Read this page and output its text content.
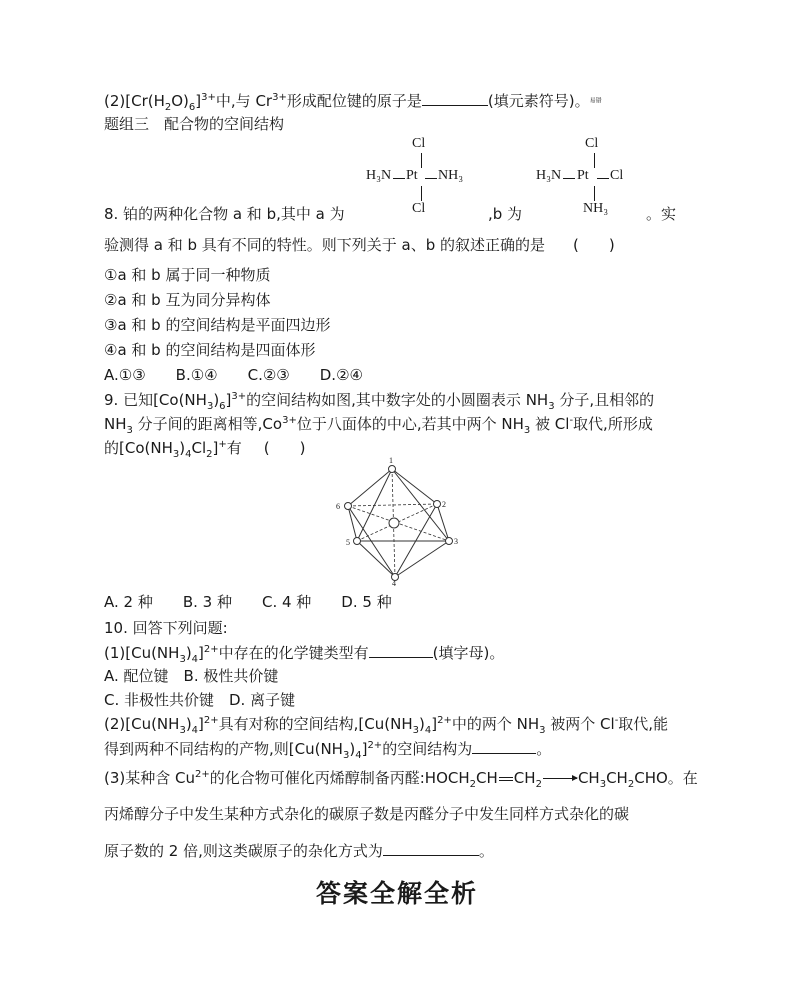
$(2)[Cr(H_2O)_6]^{3+}$中,与 $Cr^{3+}$形成配位键的原子是	(填元素符号)。易错
题组三　配合物的空间结构
Cl
H₃N Pt NH₃
Cl
Cl
H₃N Pt Cl
NH₃
8. 铂的两种化合物 a 和 b,其中 a 为	,b 为	。实
验测得 a 和 b 具有不同的特性。则下列关于 a、b 的叙述正确的是 (　　)
①a 和 b 属于同一种物质
②a 和 b 互为同分异构体
③a 和 b 的空间结构是平面四边形
④a 和 b 的空间结构是四面体形
A.①③　　B.①④　　C.②③　　D.②④
9. 已知$[Co(NH_3)_6]^{3+}$的空间结构如图,其中数字处的小圆圈表示 $NH_3$ 分子,且相邻的
$NH_3$ 分子间的距离相等$,Co^{3+}$位于八面体的中心,若其中两个 $NH_3$ 被 Cl-取代,所形成
的$[Co(NH_3)_4Cl_2]^+$有 (　　)
1
2
3
4
5
6
A. 2 种　　B. 3 种　　C. 4 种　　D. 5 种
10. 回答下列问题:
$(1)[Cu(NH_3)_4]^{2+}$中存在的化学键类型有	(填字母)。
A. 配位键　B. 极性共价键
C. 非极性共价键　D. 离子键
$(2)[Cu(NH_3)_4]^{2+}$具有对称的空间结构$,[Cu(NH_3)_4]^{2+}$中的两个 $NH_3$ 被两个 Cl-取代,能
得到两种不同结构的产物,则$[Cu(NH_3)_4]^{2+}$的空间结构为	。
(3)某种含 $Cu^{2+}$的化合物可催化丙烯醇制备丙醛$:HOCH_2CH$ $CH_2 \to CH_3CH_2CHO$。在
丙烯醇分子中发生某种方式杂化的碳原子数是丙醛分子中发生同样方式杂化的碳
原子数的 2 倍,则这类碳原子的杂化方式为	。
答案全解全析
